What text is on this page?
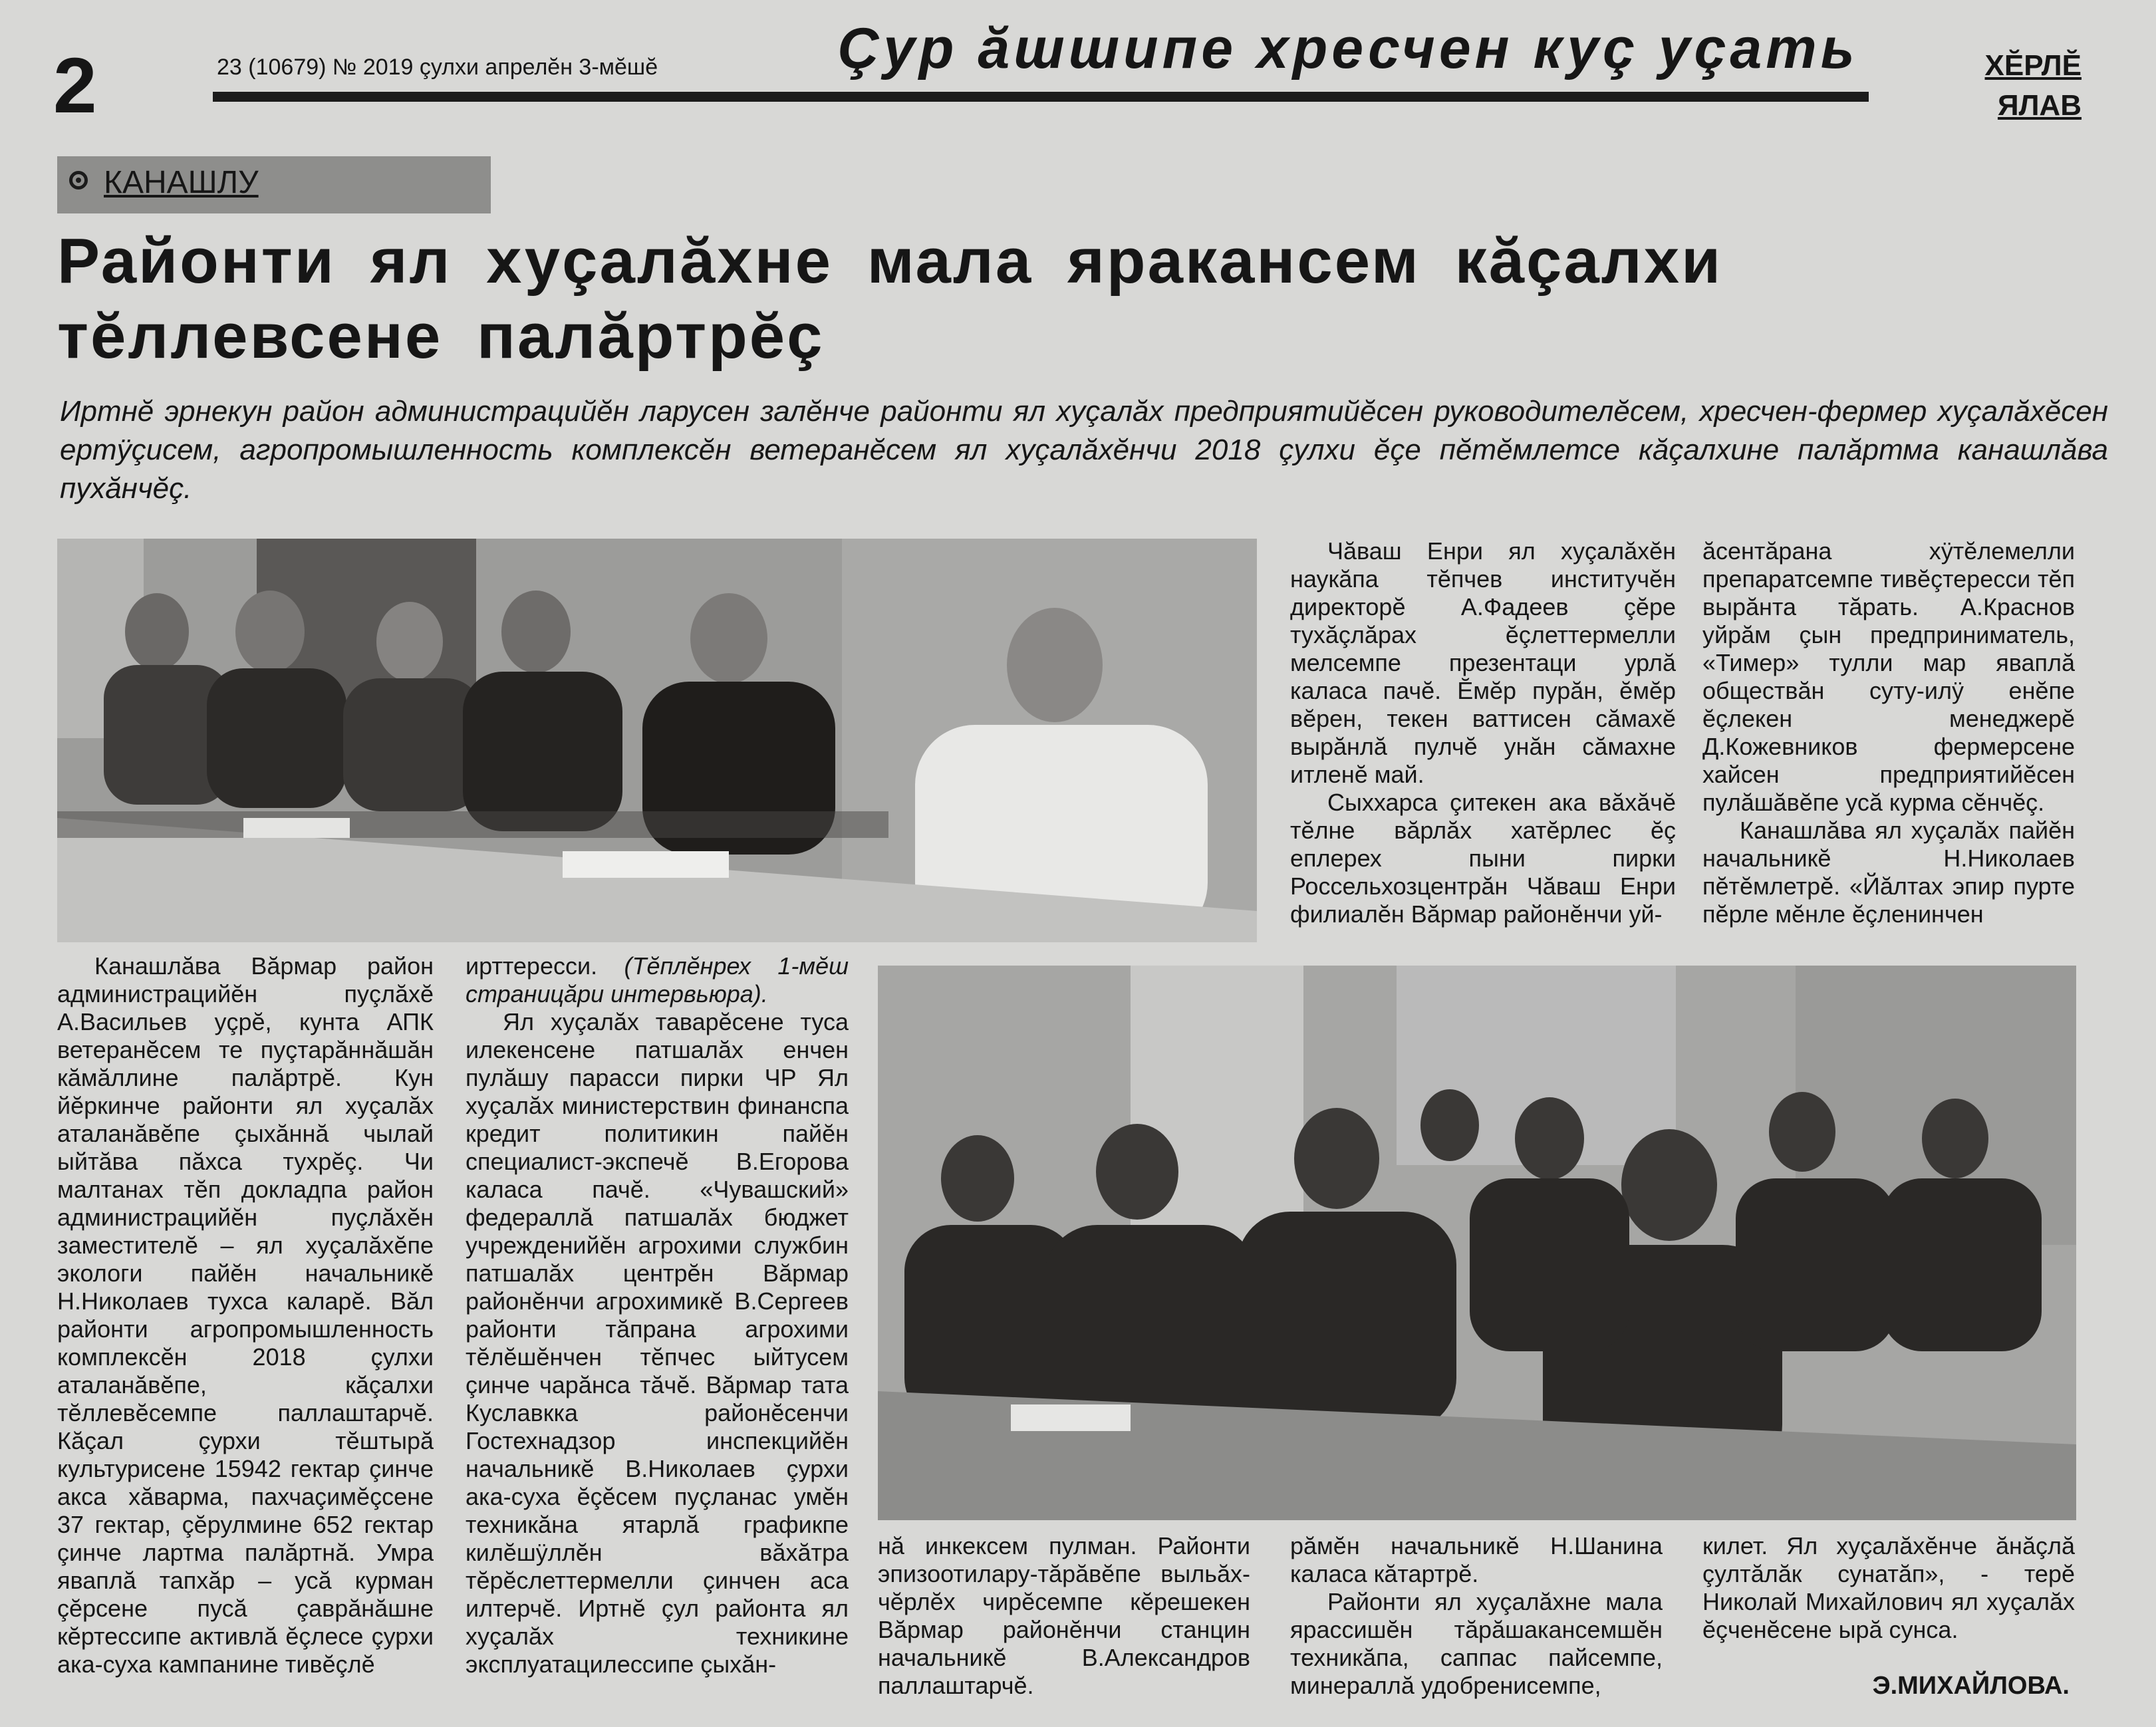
2	23 (10679) № 2019 çулхи апрелĕн 3-мĕшĕ	Çур ăшшипе хресчен куç уçать	ХĔРЛĔ
ЯЛАВ
КАНАШЛУ
Районти ял хуçалăхне мала яракансем кăçалхи тĕллевсене палăртрĕç
Иртнĕ эрнекун район администрацийĕн ларусен залĕнче районти ял хуçалăх предприятийĕсен руководителĕсем, хресчен-фермер хуçалăхĕсен ертÿçисем, агропромышленность комплексĕн ветеранĕсем ял хуçалăхĕнчи 2018 çулхи ĕçе пĕтĕмлетсе кăçалхине палăртма канашлăва пухăнчĕç.

Чăваш Енри ял хуçалăхĕн наукăпа тĕпчев институчĕн директорĕ А.Фадеев çĕре тухăçлăрах ĕçлеттермелли мелсемпе презентаци урлă каласа пачĕ. Ĕмĕр пурăн, ĕмĕр вĕрен, текен ваттисен сăмахĕ вырăнлă пулчĕ унăн сăмахне итленĕ май.

Сыххарса çитекен ака вăхăчĕ тĕлне вăрлăх хатĕрлес ĕç еплерех пыни пирки Россельхозцентрăн Чăваш Енри филиалĕн Вăрмар районĕнчи уй-

ăсентăрана хÿтĕлемелли препаратсемпе тивĕçтересси тĕп вырăнта тăрать. А.Краснов уйрăм çын предприниматель, «Тимер» тулли мар яваплă обществăн суту-илÿ енĕпе ĕçлекен менеджерĕ Д.Кожевников фермерсене хайсен предприятийĕсен пулăшăвĕпе усă курма сĕнчĕç.

Канашлăва ял хуçалăх пайĕн начальникĕ Н.Николаев пĕтĕмлетрĕ. «Йăлтах эпир пурте пĕрле мĕнле ĕçленинчен

Канашлăва Вăрмар район администрацийĕн пуçлăхĕ А.Васильев уçрĕ, кунта АПК ветеранĕсем те пуçтарăннăшăн кăмăллине палăртрĕ. Кун йĕркинче районти ял хуçалăх аталанăвĕпе çыхăннă чылай ыйтăва пăхса тухрĕç. Чи малтанах тĕп докладпа район администрацийĕн пуçлăхĕн заместителĕ – ял хуçалăхĕпе экологи пайĕн начальникĕ Н.Николаев тухса каларĕ. Вăл районти агропромышленность комплексĕн 2018 çулхи аталанăвĕпе, кăçалхи тĕллевĕсемпе паллаштарчĕ. Кăçал çурхи тĕштырă культурисене 15942 гектар çинче акса хăварма, пахчаçимĕçсене 37 гектар, çĕрулмине 652 гектар çинче лартма палăртнă. Умра яваплă тапхăр – усă курман çĕрсене пусă çаврăнăшне кĕртессипе активлă ĕçлесе çурхи ака-суха кампанине тивĕçлĕ

ирттересси. (Тĕплĕнрех 1-мĕш страницăри интервьюра).

Ял хуçалăх таварĕсене туса илекенсене патшалăх енчен пулăшу парасси пирки ЧР Ял хуçалăх министерствин финанспа кредит политикин пайĕн специалист-экспечĕ В.Егорова каласа пачĕ. «Чувашский» федераллă патшалăх бюджет учрежденийĕн агрохими службин патшалăх центрĕн Вăрмар районĕнчи агрохимикĕ В.Сергеев районти тăпрана агрохими тĕлĕшĕнчен тĕпчес ыйтусем çинче чарăнса тăчĕ. Вăрмар тата Куславкка районĕсенчи Гостехнадзор инспекцийĕн начальникĕ В.Николаев çурхи ака-суха ĕçĕсем пуçланас умĕн техникăна ятарлă графикпе килĕшÿллĕн вăхăтра тĕрĕслеттермелли çинчен аса илтерчĕ. Иртнĕ çул районта ял хуçалăх техникине эксплуатацилессипе çыхăн-

нă инкексем пулман. Районти эпизоотилару-тăрăвĕпе выльăх-чĕрлĕх чирĕсемпе кĕрешекен Вăрмар районĕнчи станцин начальникĕ В.Александров паллаштарчĕ.

рăмĕн начальникĕ Н.Шанина каласа кăтартрĕ.

Районти ял хуçалăхне мала ярассишĕн тăрăшакансемшĕн техникăпа, саппас пайсемпе, минераллă удобренисемпе,

килет. Ял хуçалăхĕнче ăнăçлă çултăлăк сунатăп», - терĕ Николай Михайлович ял хуçалăх ĕçченĕсене ырă сунса.

Э.МИХАЙЛОВА.
